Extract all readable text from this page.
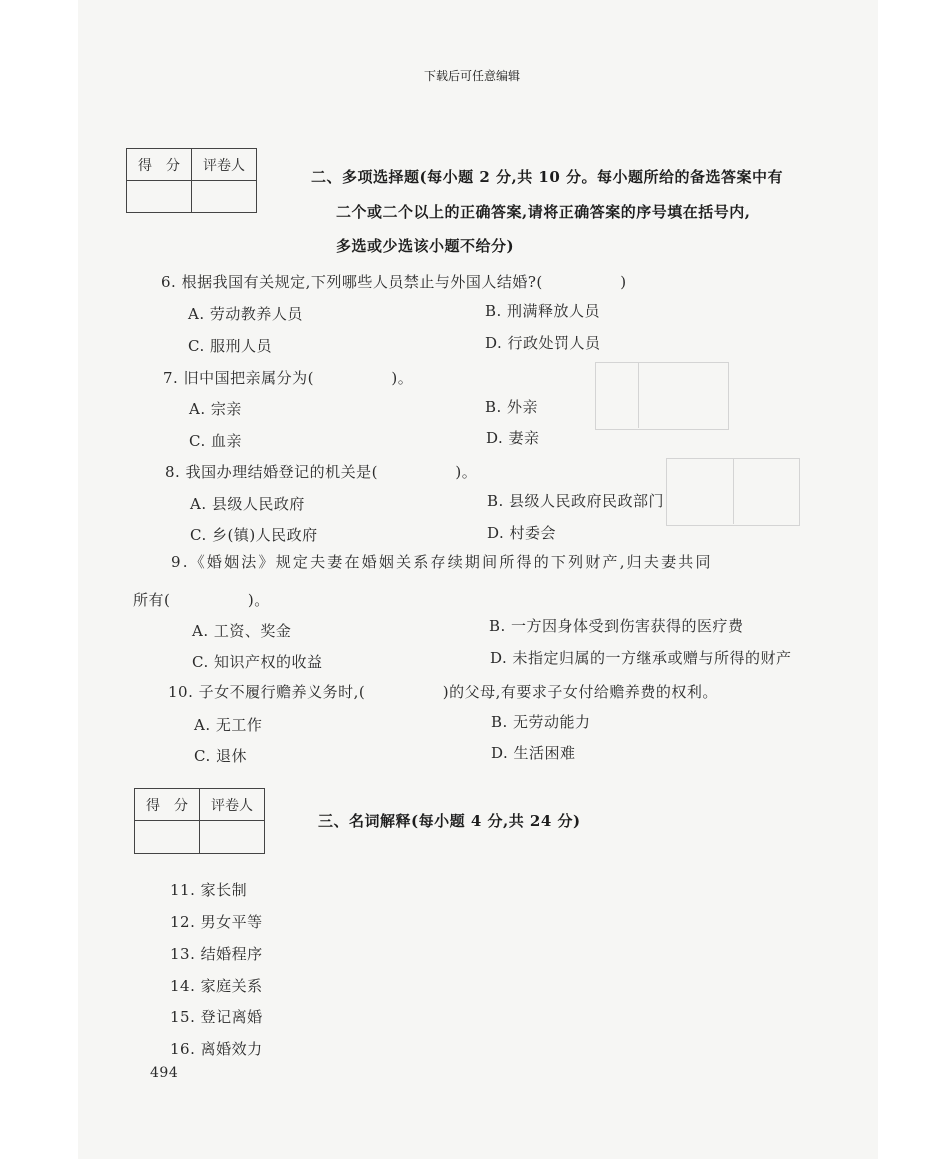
下载后可任意编辑
得　分	评卷人

二、多项选择题(每小题 2 分,共 10 分。每小题所给的备选答案中有
二个或二个以上的正确答案,请将正确答案的序号填在括号内,
多选或少选该小题不给分)
6. 根据我国有关规定,下列哪些人员禁止与外国人结婚?(　　　　　)
A. 劳动教养人员	B. 刑满释放人员
C. 服刑人员	D. 行政处罚人员
7. 旧中国把亲属分为(　　　　　)。
A. 宗亲	B. 外亲
C. 血亲	D. 妻亲
8. 我国办理结婚登记的机关是(　　　　　)。
A. 县级人民政府	B. 县级人民政府民政部门
C. 乡(镇)人民政府	D. 村委会
9.《婚姻法》规定夫妻在婚姻关系存续期间所得的下列财产,归夫妻共同
所有(　　　　　)。
A. 工资、奖金	B. 一方因身体受到伤害获得的医疗费
C. 知识产权的收益	D. 未指定归属的一方继承或赠与所得的财产
10. 子女不履行赡养义务时,(　　　　　)的父母,有要求子女付给赡养费的权利。
A. 无工作	B. 无劳动能力
C. 退休	D. 生活困难
得　分	评卷人

三、名词解释(每小题 4 分,共 24 分)
11. 家长制
12. 男女平等
13. 结婚程序
14. 家庭关系
15. 登记离婚
16. 离婚效力
494
